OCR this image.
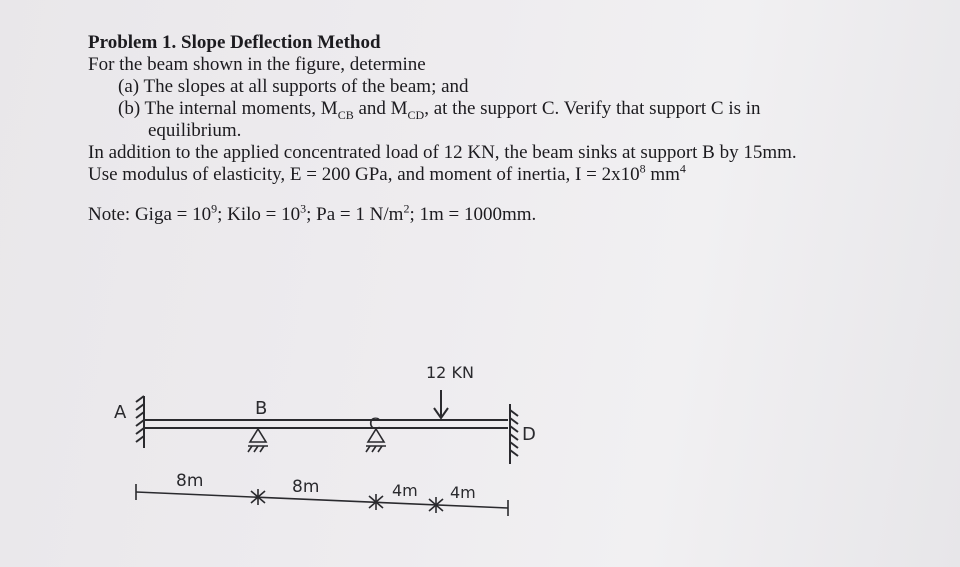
Problem 1. Slope Deflection Method
For the beam shown in the figure, determine
(a) The slopes at all supports of the beam; and
(b) The internal moments, $M_{CB}$ and $M_{CD}$, at the support C. Verify that support C is in
equilibrium.
In addition to the applied concentrated load of 12 KN, the beam sinks at support B by 15mm.
Use modulus of elasticity, E = 200 GPa, and moment of inertia, $I = 2x10^8$ $mm^4$
Note: Giga = $10^9$; Kilo = $10^3$; Pa = 1 $N/m^2$; 1m = 1000mm.
A	B
C
D
12 KN
8m	8m	4m 4m
